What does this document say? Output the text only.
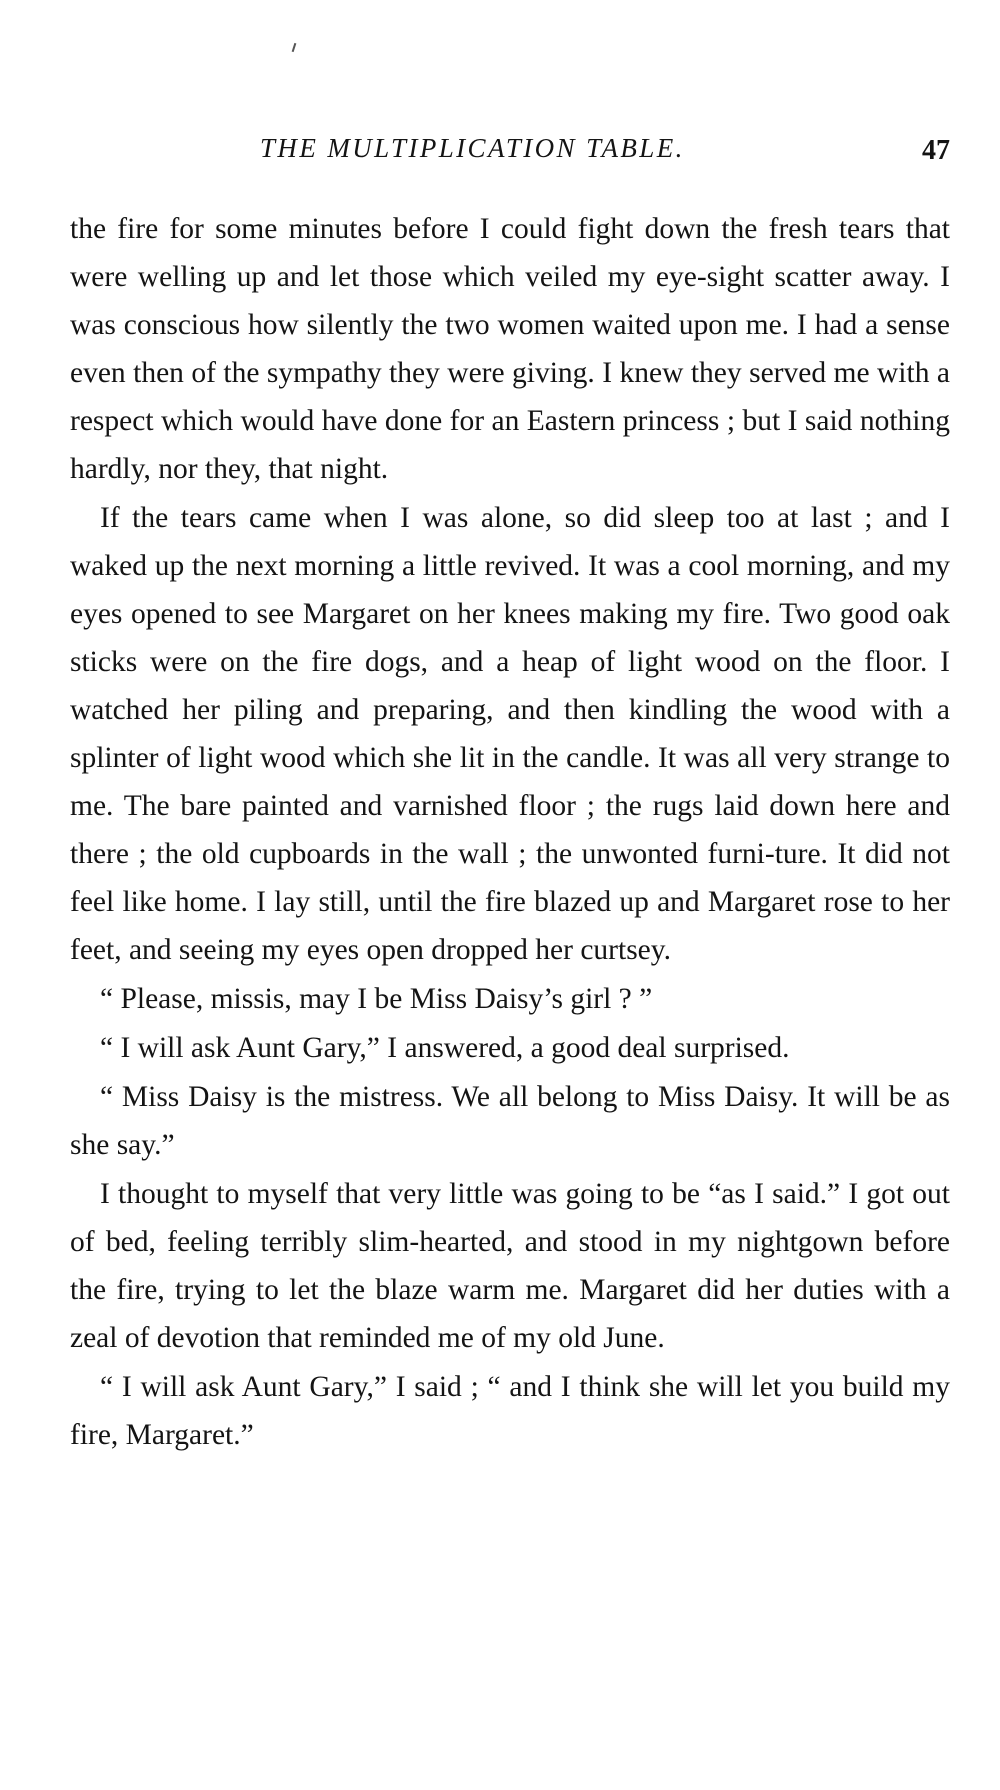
THE MULTIPLICATION TABLE.	47

the fire for some minutes before I could fight down the fresh tears that were welling up and let those which veiled my eye-sight scatter away. I was conscious how silently the two women waited upon me. I had a sense even then of the sympathy they were giving. I knew they served me with a respect which would have done for an Eastern princess ; but I said nothing hardly, nor they, that night.

If the tears came when I was alone, so did sleep too at last ; and I waked up the next morning a little revived. It was a cool morning, and my eyes opened to see Margaret on her knees making my fire. Two good oak sticks were on the fire dogs, and a heap of light wood on the floor. I watched her piling and preparing, and then kindling the wood with a splinter of light wood which she lit in the candle. It was all very strange to me. The bare painted and varnished floor ; the rugs laid down here and there ; the old cupboards in the wall ; the unwonted furni-ture. It did not feel like home. I lay still, until the fire blazed up and Margaret rose to her feet, and seeing my eyes open dropped her curtsey.

“ Please, missis, may I be Miss Daisy’s girl ? ”

“ I will ask Aunt Gary,” I answered, a good deal surprised.

“ Miss Daisy is the mistress. We all belong to Miss Daisy. It will be as she say.”

I thought to myself that very little was going to be “as I said.” I got out of bed, feeling terribly slim-hearted, and stood in my nightgown before the fire, trying to let the blaze warm me. Margaret did her duties with a zeal of devotion that reminded me of my old June.

“ I will ask Aunt Gary,” I said ; “ and I think she will let you build my fire, Margaret.”
